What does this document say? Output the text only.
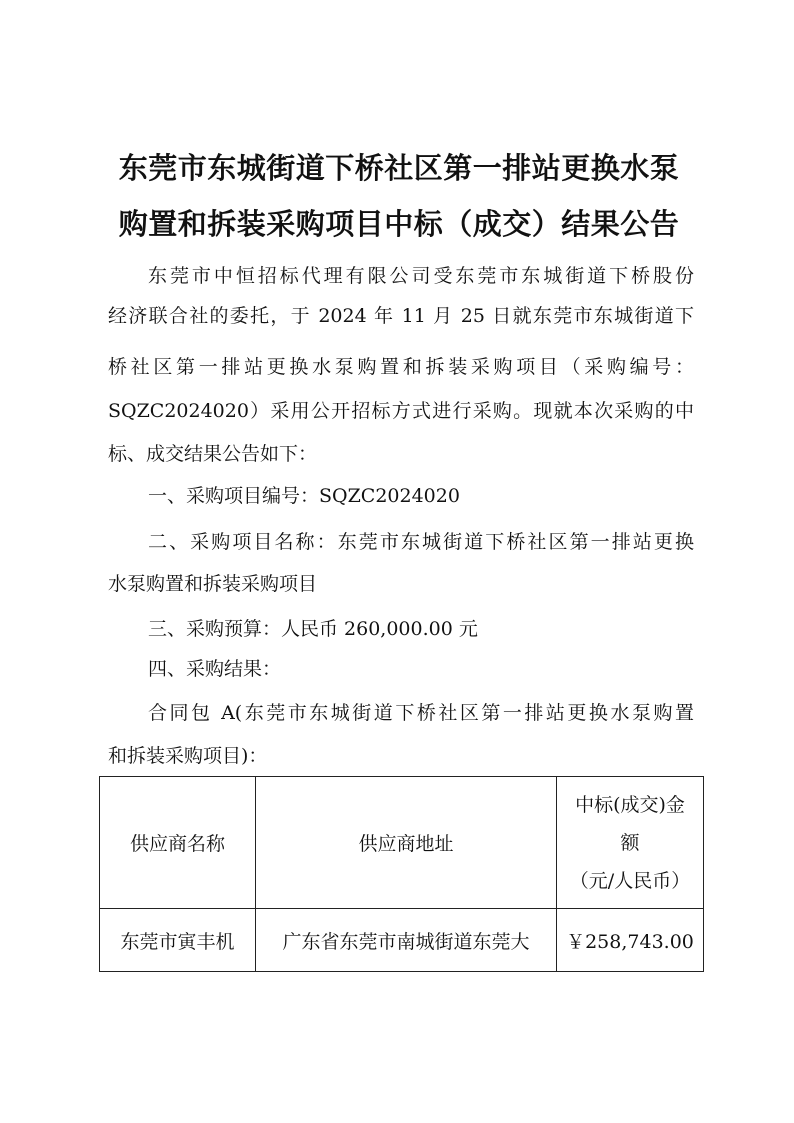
东莞市东城街道下桥社区第一排站更换水泵
购置和拆装采购项目中标（成交）结果公告
东莞市中恒招标代理有限公司受东莞市东城街道下桥股份
经济联合社的委托，于 2024 年 11 月 25 日就东莞市东城街道下
桥社区第一排站更换水泵购置和拆装采购项目（采购编号：
SQZC2024020）采用公开招标方式进行采购。现就本次采购的中
标、成交结果公告如下：
一、采购项目编号：SQZC2024020
二、采购项目名称：东莞市东城街道下桥社区第一排站更换
水泵购置和拆装采购项目
三、采购预算：人民币 260,000.00 元
四、采购结果：
合同包 A(东莞市东城街道下桥社区第一排站更换水泵购置
和拆装采购项目)：
供应商名称	供应商地址	中标(成交)金
额
（元/人民币）

东莞市寅丰机	广东省东莞市南城街道东莞大	￥258,743.00
